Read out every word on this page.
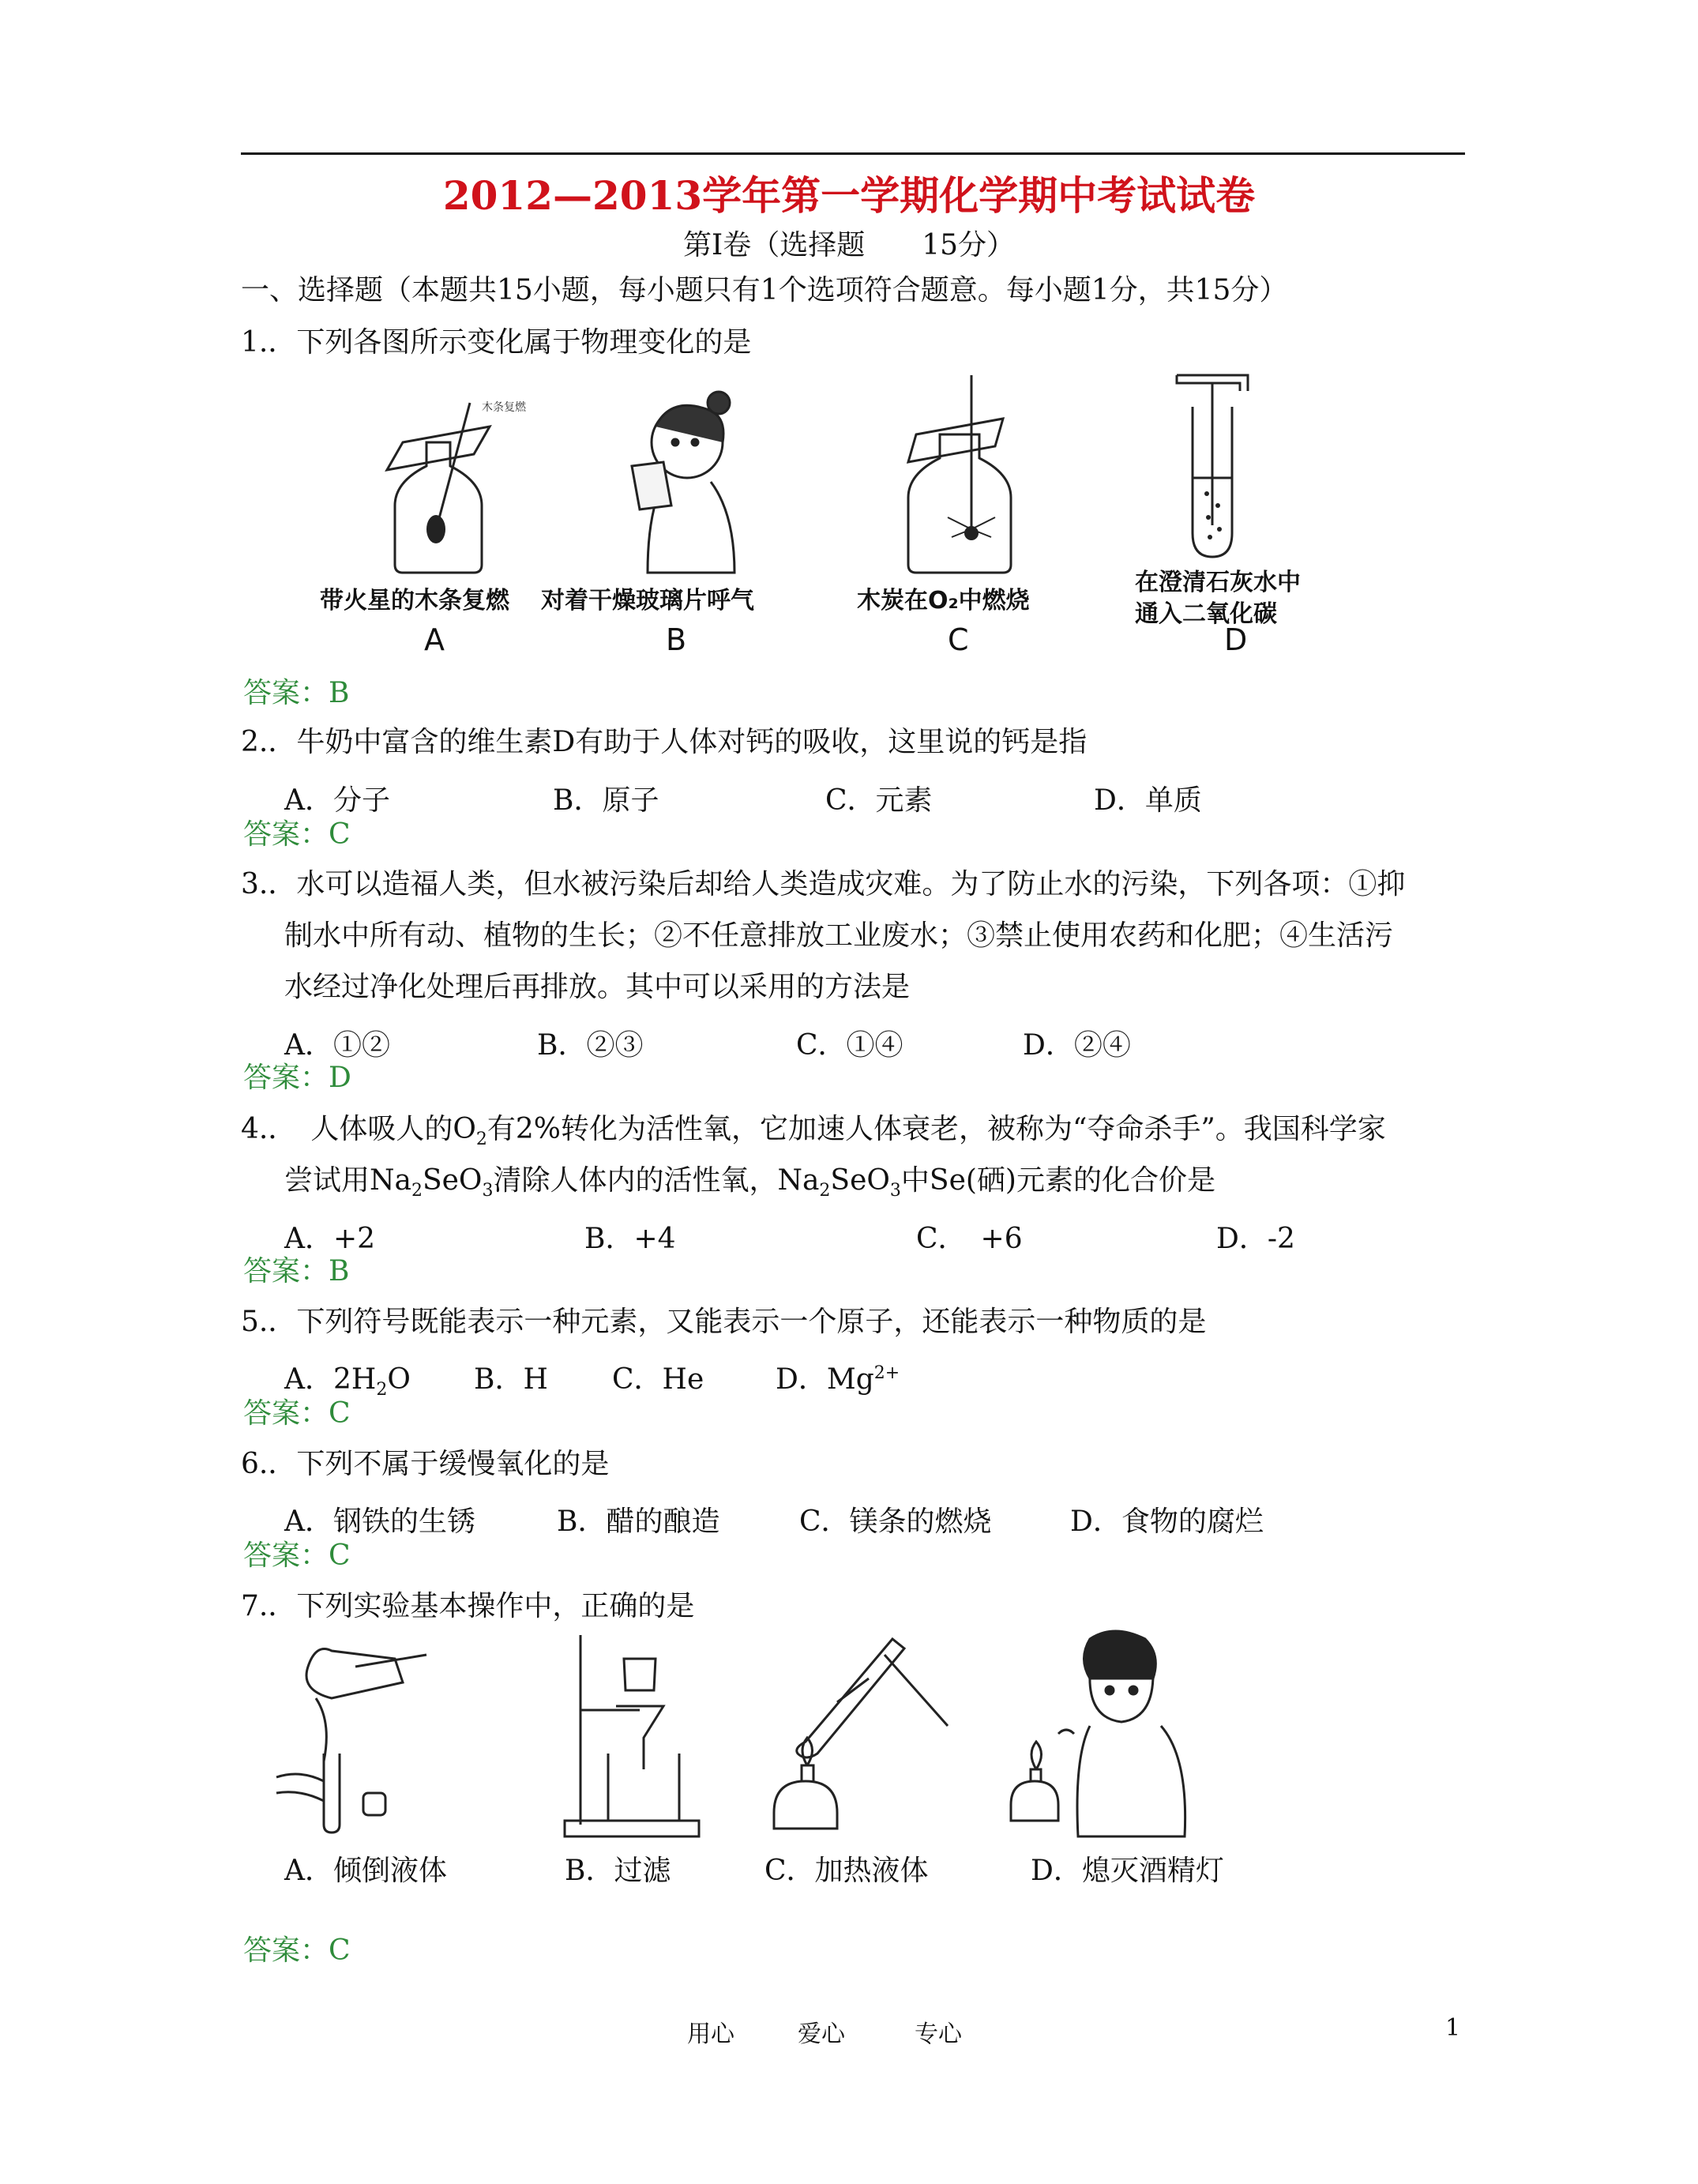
2012—2013学年第一学期化学期中考试试卷
第Ⅰ卷（选择题　　15分）
一、选择题（本题共15小题，每小题只有1个选项符合题意。每小题1分，共15分）
1.．下列各图所示变化属于物理变化的是
木条复燃
带火星的木条复燃
A
对着干燥玻璃片呼气
B
木炭在O₂中燃烧
C
在澄清石灰水中
通入二氧化碳
D
答案：B
2.．牛奶中富含的维生素D有助于人体对钙的吸收，这里说的钙是指
A．分子	B．原子	C．元素	D．单质
答案：C
3.．水可以造福人类，但水被污染后却给人类造成灾难。为了防止水的污染，下列各项：①抑
制水中所有动、植物的生长；②不任意排放工业废水；③禁止使用农药和化肥；④生活污
水经过净化处理后再排放。其中可以采用的方法是
A．①②	B．②③	C．①④	D．②④
答案：D
4.．　人体吸人的$O_2$有2%转化为活性氧，它加速人体衰老，被称为“夺命杀手”。我国科学家
尝试用$Na_2SeO_3$清除人体内的活性氧，$Na_2SeO_3$中Se(硒)元素的化合价是
A．+2	B．+4	C．　+6	D．-2
答案：B
5.．下列符号既能表示一种元素，又能表示一个原子，还能表示一种物质的是
A．$2H_2O$ B．H C．He	D．$Mg^{2+}$
答案：C
6.．下列不属于缓慢氧化的是
A．钢铁的生锈	B．醋的酿造	C．镁条的燃烧	D．食物的腐烂
答案：C
7.．下列实验基本操作中，正确的是
A．倾倒液体	B．过滤	C．加热液体	D．熄灭酒精灯
答案：C
用心	爱心	专心	1
